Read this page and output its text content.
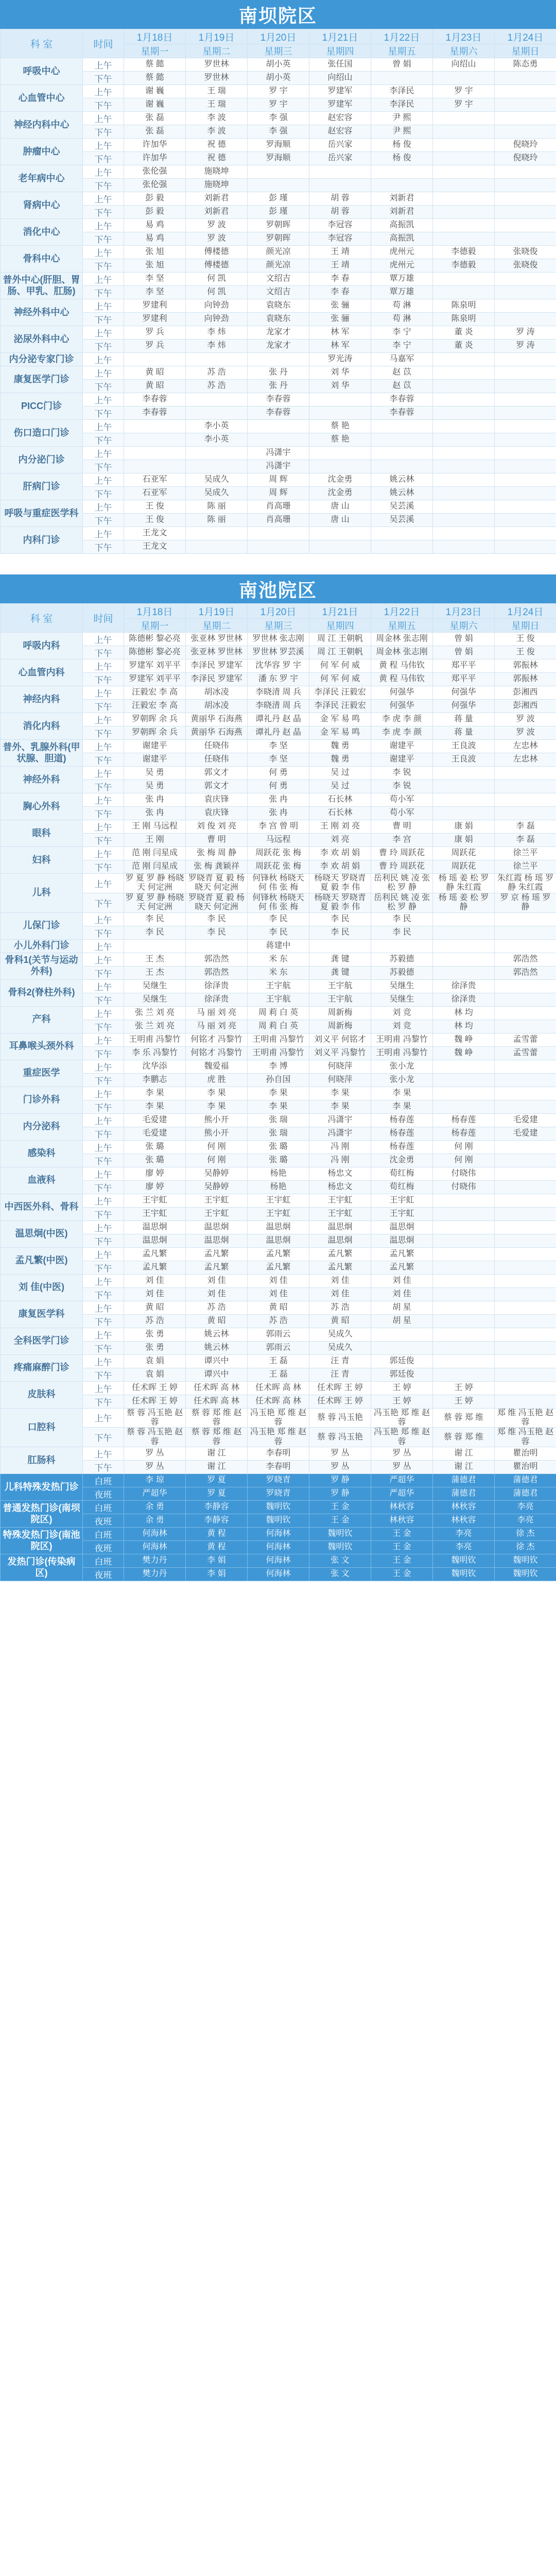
南坝院区
科 室	时间	1月18日	1月19日	1月20日	1月21日	1月22日	1月23日	1月24日
		星期一	星期二	星期三	星期四	星期五	星期六	星期日
呼吸中心	上午	蔡 懿	罗世林	胡小英	张任国	曾 娟	向绍山	陈态勇
	下午	蔡 懿	罗世林	胡小英	向绍山			
心血管中心	上午	谢 巍	王 瑞	罗 宇	罗建军	李泽民	罗 宇	
	下午	谢 巍	王 瑞	罗 宇	罗建军	李泽民	罗 宇	
神经内科中心	上午	张 磊	李 波	李 强	赵宏容	尹 熙		
	下午	张 磊	李 波	李 强	赵宏容	尹 熙		
肿瘤中心	上午	许加华	祝 德	罗海顺	岳兴家	杨 俊		倪晓玲
	下午	许加华	祝 德	罗海顺	岳兴家	杨 俊		倪晓玲
老年病中心	上午	张伦强	施晓坤					
	下午	张伦强	施晓坤					
肾病中心	上午	彭 毅	刘新君	彭 瑾	胡 蓉	刘新君		
	下午	彭 毅	刘新君	彭 瑾	胡 蓉	刘新君		
消化中心	上午	易 鸡	罗 波	罗朝晖	李冠容	高振凯		
	下午	易 鸡	罗 波	罗朝晖	李冠容	高振凯		
骨科中心	上午	张 旭	傅楼德	颜光凉	王 靖	虎州元	李德毅	张晓俊
	下午	张 旭	傅楼德	颜光凉	王 靖	虎州元	李德毅	张晓俊
普外中心(肝胆、胃肠、甲乳、肛肠)	上午	李 坚	何 凯	文绍吉	李 春	覃万雄		
	下午	李 坚	何 凯	文绍吉	李 春	覃万雄		
神经外科中心	上午	罗建利	向钟劲	袁晓东	张 骊	苟 淋	陈泉明	
	下午	罗建利	向钟劲	袁晓东	张 骊	苟 淋	陈泉明	
泌尿外科中心	上午	罗 兵	李 炜	龙家才	林 军	李 宁	董 炎	罗 涛
	下午	罗 兵	李 炜	龙家才	林 军	李 宁	董 炎	罗 涛
内分泌专家门诊	上午				罗光涛	马嘉军		
康复医学门诊	上午	黄 昭	苏 浩	张 丹	刘 华	赵 苡		
	下午	黄 昭	苏 浩	张 丹	刘 华	赵 苡		
PICC门诊	上午	李春蓉		李春蓉		李春蓉		
	下午	李春蓉		李春蓉		李春蓉		
伤口造口门诊	上午		李小英		蔡 艳			
	下午		李小英		蔡 艳			
内分泌门诊	上午			冯潇宇				
	下午			冯潇宇				
肝病门诊	上午	石亚军	吴成久	周 辉	沈金勇	姚云林		
	下午	石亚军	吴成久	周 辉	沈金勇	姚云林		
呼吸与重症医学科	上午	王 俊	陈 丽	肖高珊	唐 山	吴芸溪		
	下午	王 俊	陈 丽	肖高珊	唐 山	吴芸溪		
内科门诊	上午	王龙文						
	下午	王龙文						
南池院区
科 室	时间	1月18日	1月19日	1月20日	1月21日	1月22日	1月23日	1月24日
		星期一	星期二	星期三	星期四	星期五	星期六	星期日
呼吸内科	上午	陈德彬 黎必亮	张亚林 罗世林	罗世林 张志刚	周 江 王朝帆	周金林 张志刚	曾 娟	王 俊
	下午	陈德彬 黎必亮	张亚林 罗世林	罗世林 罗芸溪	周 江 王朝帆	周金林 张志刚	曾 娟	王 俊
心血管内科	上午	罗建军 刘平平	李泽民 罗建军	沈华容 罗 宇	何 军 何 威	黄 程 马伟钦	郑平平	郭振林
	下午	罗建军 刘平平	李泽民 罗建军	潘 东 罗 宇	何 军 何 威	黄 程 马伟钦	郑平平	郭振林
神经内科	上午	汪毅宏 李 高	胡冰凌	李晓清 周 兵	李泽民 汪毅宏	何强华	何强华	彭湘西
	下午	汪毅宏 李 高	胡冰凌	李晓清 周 兵	李泽民 汪毅宏	何强华	何强华	彭湘西
消化内科	上午	罗朝晖 余 兵	黄丽华 石海燕	谭礼丹 赵 晶	金 军 易 鸣	李 虎 李 颜	蒋 量	罗 波
	下午	罗朝晖 余 兵	黄丽华 石海燕	谭礼丹 赵 晶	金 军 易 鸣	李 虎 李 颜	蒋 量	罗 波
普外、乳腺外科(甲状腺、胆道)	上午	谢建平	任晓伟	李 坚	魏 勇	谢建平	王良波	左忠林
	下午	谢建平	任晓伟	李 坚	魏 勇	谢建平	王良波	左忠林
神经外科	上午	吴 勇	郭文才	何 勇	吴 过	李 锐		
	下午	吴 勇	郭文才	何 勇	吴 过	李 锐		
胸心外科	上午	张 冉	袁庆锋	张 冉	石长林	苟小军		
	下午	张 冉	袁庆锋	张 冉	石长林	苟小军		
眼科	上午	王 刚 马远程	刘 俊 刘 亮	李 宫 曾 明	王 刚 刘 亮	曹 明	康 娟	李 磊
	下午	王 刚	曹 明	马远程	刘 亮	李 宫	康 娟	李 磊
妇科	上午	范 刚 闫星成	张 梅 周 静	周跃花 张 梅	李 欢 胡 娟	曹 玲 周跃花	周跃花	徐兰平
	下午	范 刚 闫星成	张 梅 龚颖祥	周跃花 张 梅	李 欢 胡 娟	曹 玲 周跃花	周跃花	徐兰平
儿科	上午	罗 夏 罗 静 杨晓天 何定洲	罗晓青 夏 毅 杨晓天 何定洲	何锋秋 杨晓天 何 伟 张 梅	杨晓天 罗晓青 夏 毅 李 伟	岳利民 姚 凌 张 松 罗 静	杨 瑶 姜 松 罗 静 朱红霞	朱红霞 杨 瑶 罗 静 朱红霞
	下午	罗 夏 罗 静 杨晓天 何定洲	罗晓青 夏 毅 杨晓天 何定洲	何锋秋 杨晓天 何 伟 张 梅	杨晓天 罗晓青 夏 毅 李 伟	岳利民 姚 凌 张 松 罗 静	杨 瑶 姜 松 罗 静	罗 京 杨 瑶 罗 静
儿保门诊	上午	李 民	李 民	李 民	李 民	李 民		
	下午	李 民	李 民	李 民	李 民	李 民		
小儿外科门诊	上午			蒋建中				
骨科1(关节与运动外科)	上午	王 杰	郭浩然	米 东	龚 键	苏毅德		郭浩然
	下午	王 杰	郭浩然	米 东	龚 键	苏毅德		郭浩然
骨科2(脊柱外科)	上午	吴继生	徐泽贵	王宇航	王宇航	吴继生	徐泽贵	
	下午	吴继生	徐泽贵	王宇航	王宇航	吴继生	徐泽贵	
产科	上午	张 兰 刘 亮	马 丽 刘 亮	周 莉 白 英	周新梅	刘 竞	林 均	
	下午	张 兰 刘 亮	马 丽 刘 亮	周 莉 白 英	周新梅	刘 竞	林 均	
耳鼻喉头颈外科	上午	王明甫 冯黎竹	何铭才 冯黎竹	王明甫 冯黎竹	刘义平 何铭才	王明甫 冯黎竹	魏 峥	孟雪蕾
	下午	李 乐 冯黎竹	何铭才 冯黎竹	王明甫 冯黎竹	刘义平 冯黎竹	王明甫 冯黎竹	魏 峥	孟雪蕾
重症医学	上午	沈华添	魏爱福	李 博	何晓萍	张小龙		
	下午	李鹏志	虎 胜	孙自国	何晓萍	张小龙		
门诊外科	上午	李 果	李 果	李 果	李 果	李 果		
	下午	李 果	李 果	李 果	李 果	李 果		
内分泌科	上午	毛爱建	熊小开	张 瑞	冯潇宇	杨春莲	杨春莲	毛爱建
	下午	毛爱建	熊小开	张 瑞	冯潇宇	杨春莲	杨春莲	毛爱建
感染科	上午	张 璐	何 刚	张 璐	冯 刚	杨春莲	何 刚	
	下午	张 璐	何 刚	张 璐	冯 刚	沈金勇	何 刚	
血液科	上午	廖 婷	吴静婷	杨艳	杨忠文	荀红梅	付晓伟	
	下午	廖 婷	吴静婷	杨艳	杨忠文	荀红梅	付晓伟	
中西医外科、骨科	上午	王宇虹	王宇虹	王宇虹	王宇虹	王宇虹		
	下午	王宇虹	王宇虹	王宇虹	王宇虹	王宇虹		
温思炯(中医)	上午	温思炯	温思炯	温思炯	温思炯	温思炯		
	下午	温思炯	温思炯	温思炯	温思炯	温思炯		
孟凡繁(中医)	上午	孟凡繁	孟凡繁	孟凡繁	孟凡繁	孟凡繁		
	下午	孟凡繁	孟凡繁	孟凡繁	孟凡繁	孟凡繁		
刘 佳(中医)	上午	刘 佳	刘 佳	刘 佳	刘 佳	刘 佳		
	下午	刘 佳	刘 佳	刘 佳	刘 佳	刘 佳		
康复医学科	上午	黄 昭	苏 浩	黄 昭	苏 浩	胡 星		
	下午	苏 浩	黄 昭	苏 浩	黄 昭	胡 星		
全科医学门诊	上午	张 勇	姚云林	郭雨云	吴成久			
	下午	张 勇	姚云林	郭雨云	吴成久			
疼痛麻醉门诊	上午	袁 娟	谭兴中	王 磊	汪 青	郭廷俊		
	下午	袁 娟	谭兴中	王 磊	汪 青	郭廷俊		
皮肤科	上午	任术晖 王 婷	任术晖 高 林	任术晖 高 林	任术晖 王 婷	王 婷	王 婷	
	下午	任术晖 王 婷	任术晖 高 林	任术晖 高 林	任术晖 王 婷	王 婷	王 婷	
口腔科	上午	蔡 蓉 冯玉艳 赵 蓉	蔡 蓉 郑 维 赵 蓉	冯玉艳 郑 维 赵 蓉	蔡 蓉 冯玉艳	冯玉艳 郑 维 赵 蓉	蔡 蓉 郑 维	郑 维 冯玉艳 赵 蓉
	下午	蔡 蓉 冯玉艳 赵 蓉	蔡 蓉 郑 维 赵 蓉	冯玉艳 郑 维 赵 蓉	蔡 蓉 冯玉艳	冯玉艳 郑 维 赵 蓉	蔡 蓉 郑 维	郑 维 冯玉艳 赵 蓉
肛肠科	上午	罗 丛	谢 江	李春明	罗 丛	罗 丛	谢 江	瞿治明
	下午	罗 丛	谢 江	李春明	罗 丛	罗 丛	谢 江	瞿治明
儿科特殊发热门诊	白班	李 琼	罗 夏	罗晓青	罗 静	严超华	蒲德君	蒲德君
	夜班	严超华	罗 夏	罗晓青	罗 静	严超华	蒲德君	蒲德君
普通发热门诊(南坝院区)	白班	余 勇	李静容	魏明钦	王 金	林秋容	林秋容	李亮
	夜班	余 勇	李静容	魏明钦	王 金	林秋容	林秋容	李亮
特殊发热门诊(南池院区)	白班	何海林	黄 程	何海林	魏明钦	王 金	李亮	徐 杰
	夜班	何海林	黄 程	何海林	魏明钦	王 金	李亮	徐 杰
发热门诊(传染病区)	白班	樊力丹	李 娟	何海林	张 文	王 金	魏明钦	魏明钦
	夜班	樊力丹	李 娟	何海林	张 文	王 金	魏明钦	魏明钦
